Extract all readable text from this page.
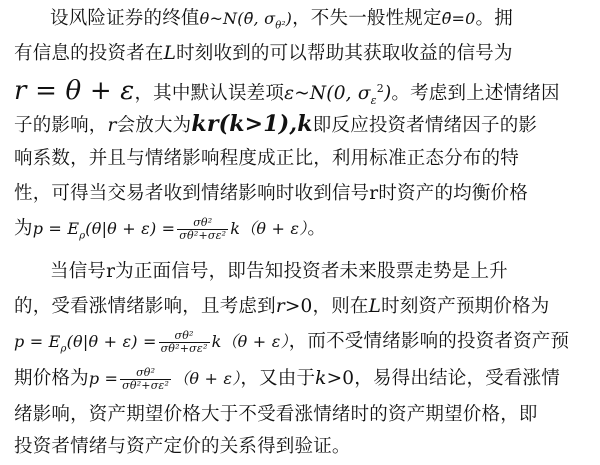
设风险证券的终值θ~N(θ̄, $\sigma_{\theta^2}$)，不失一般性规定θ̄=0。拥
有信息的投资者在L时刻收到的可以帮助其获取收益的信号为
r = θ + ε，其中默认误差项ε~N(0, $\sigma_\varepsilon^2$)。考虑到上述情绪因
子的影响，r会放大为kr(k>1),k即反应投资者情绪因子的影
响系数，并且与情绪影响程度成正比，利用标准正态分布的特
性，可得当交易者收到情绪影响时收到信号r时资产的均衡价格
为$p = E_\rho(\theta|\theta + \varepsilon) = \frac{\text{σθ²}}{\text{σθ²+σε²}} k(\theta + \varepsilon)$。
当信号r为正面信号，即告知投资者未来股票走势是上升
的，受看涨情绪影响，且考虑到r>0，则在L时刻资产预期价格为
$p = E_\rho(\theta|\theta + \varepsilon) = \frac{\text{σθ²}}{\text{σθ²+σε²}} k(\theta + \varepsilon)$，而不受情绪影响的投资者资产预
期价格为$p = \frac{\text{σθ²}}{\text{σθ²+σε²}} (\theta + \varepsilon)$，又由于k>0，易得出结论，受看涨情
绪影响，资产期望价格大于不受看涨情绪时的资产期望价格，即
投资者情绪与资产定价的关系得到验证。
